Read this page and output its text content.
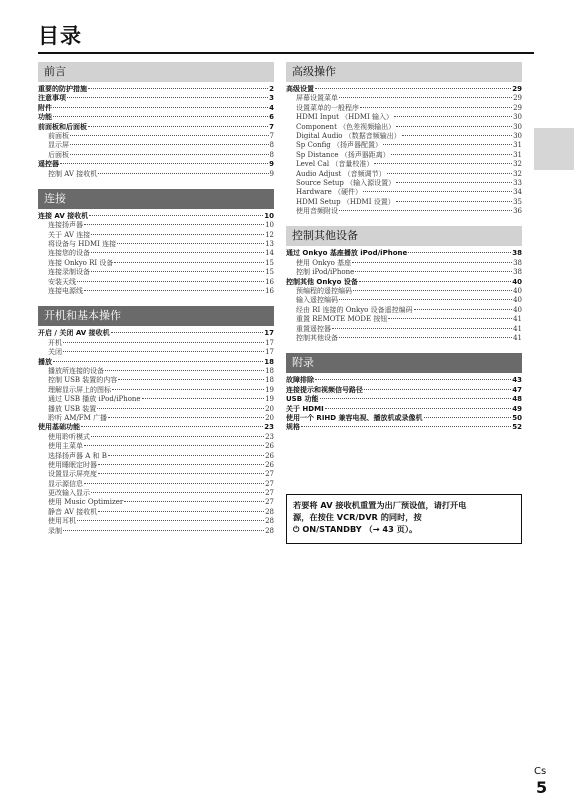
目录
前言
重要的防护措施	2
注意事项	3
附件	4
功能	6
前面板和后面板	7
前面板	7
显示屏	8
后面板	8
遥控器	9
控制 AV 接收机	9
连接
连接 AV 接收机	10
连接扬声器	10
关于 AV 连接	12
将设备与 HDMI 连接	13
连接您的设备	14
连接 Onkyo RI 设备	15
连接录制设备	15
安装天线	16
连接电源线	16
开机和基本操作
开启 / 关闭 AV 接收机	17
开机	17
关闭	17
播放	18
播放所连接的设备	18
控制 USB 装置的内容	18
理解显示屏上的图标	19
通过 USB 播放 iPod/iPhone	19
播放 USB 装置	20
聆听 AM/FM 广播	20
使用基础功能	23
使用聆听模式	23
使用主菜单	26
选择扬声器 A 和 B	26
使用睡眠定时器	26
设置显示屏亮度	27
显示源信息	27
更改输入显示	27
使用 Music Optimizer	27
静音 AV 接收机	28
使用耳机	28
录制	28
高级操作
高级设置	29
屏幕设置菜单	29
设置菜单的一般程序	29
HDMI Input （HDMI 输入）	30
Component （色差视频输出）	30
Digital Audio （数据音频输出）	30
Sp Config （扬声器配置）	31
Sp Distance （扬声器距离）	31
Level Cal （音量校准）	32
Audio Adjust （音频调节）	32
Source Setup （输入源设置）	33
Hardware （硬件）	34
HDMI Setup （HDMI 设置）	35
使用音频附设	36
控制其他设备
通过 Onkyo 基座播放 iPod/iPhone	38
使用 Onkyo 基座	38
控制 iPod/iPhone	38
控制其他 Onkyo 设备	40
预编程的遥控编码	40
输入遥控编码	40
经由 RI 连接的 Onkyo 设备遥控编码	40
重置 REMOTE MODE 按钮	41
重置遥控器	41
控制其他设备	41
附录
故障排除	43
连接提示和视频信号路径	47
USB 功能	48
关于 HDMI	49
使用一个 RIHD 兼容电视、播放机或录像机	50
规格	52
若要将 AV 接收机重置为出厂预设值，请打开电
源，在按住 VCR/DVR 的同时，按
⏻ ON/STANDBY （→ 43 页）。
Cs
5
